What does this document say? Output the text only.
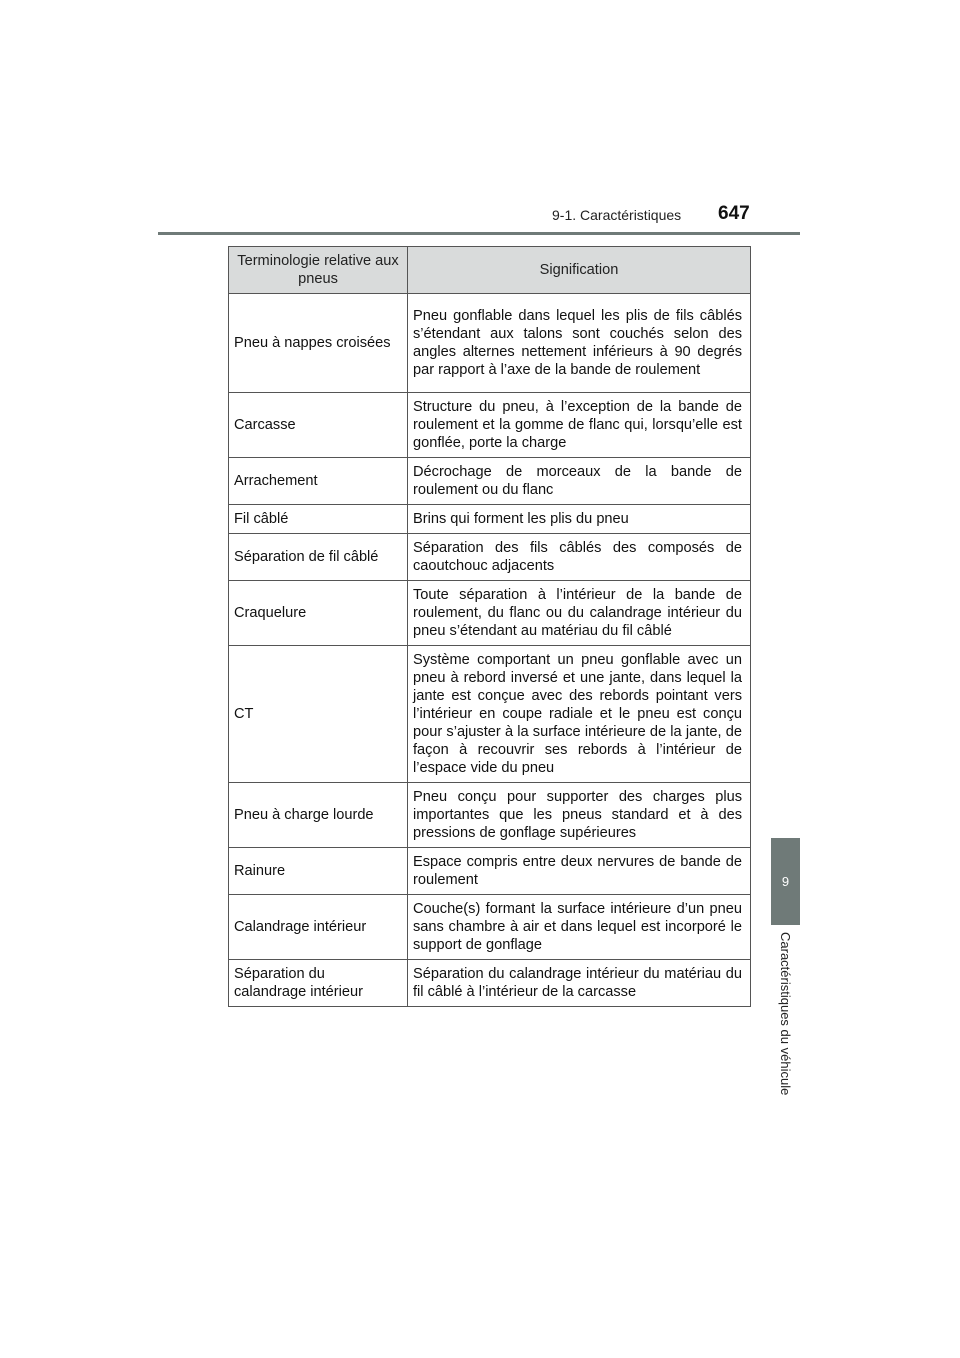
9-1. Caractéristiques 647
9
Caractéristiques du véhicule
Terminologie relative aux pneus	Signification
Pneu à nappes croisées	Pneu gonflable dans lequel les plis de fils câblés s’étendant aux talons sont couchés selon des angles alternes nettement inférieurs à 90 degrés par rapport à l’axe de la bande de roulement
Carcasse	Structure du pneu, à l’exception de la bande de roulement et la gomme de flanc qui, lorsqu’elle est gonflée, porte la charge
Arrachement	Décrochage de morceaux de la bande de roulement ou du flanc
Fil câblé	Brins qui forment les plis du pneu
Séparation de fil câblé	Séparation des fils câblés des composés de caoutchouc adjacents
Craquelure	Toute séparation à l’intérieur de la bande de roulement, du flanc ou du calandrage intérieur du pneu s’étendant au matériau du fil câblé
CT	Système comportant un pneu gonflable avec un pneu à rebord inversé et une jante, dans lequel la jante est conçue avec des rebords pointant vers l’intérieur en coupe radiale et le pneu est conçu pour s’ajuster à la surface intérieure de la jante, de façon à recouvrir ses rebords à l’intérieur de l’espace vide du pneu
Pneu à charge lourde	Pneu conçu pour supporter des charges plus importantes que les pneus standard et à des pressions de gonflage supérieures
Rainure	Espace compris entre deux nervures de bande de roulement
Calandrage intérieur	Couche(s) formant la surface intérieure d’un pneu sans chambre à air et dans lequel est incorporé le support de gonflage
Séparation du calandrage intérieur	Séparation du calandrage intérieur du matériau du fil câblé à l’intérieur de la carcasse
